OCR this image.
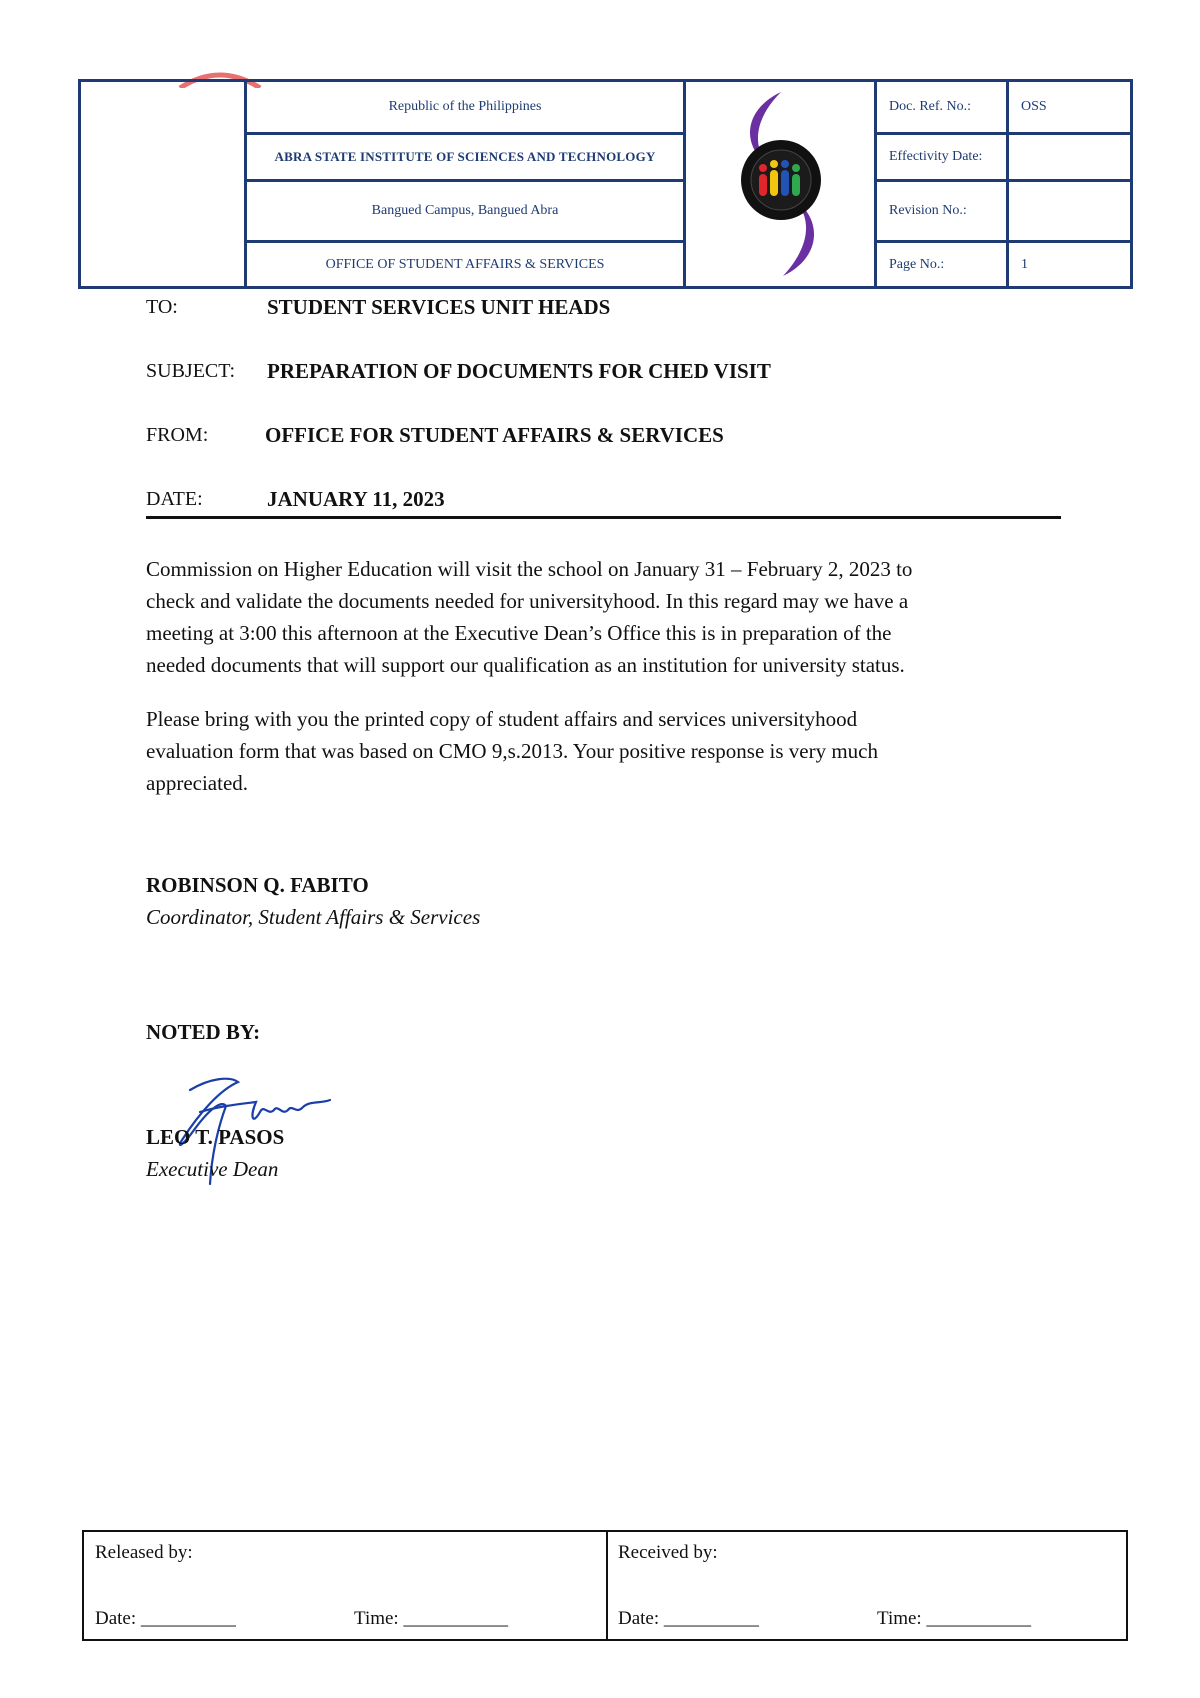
Republic of the Philippines
ABRA STATE INSTITUTE OF SCIENCES AND TECHNOLOGY
Bangued Campus, Bangued Abra
OFFICE OF STUDENT AFFAIRS & SERVICES
Doc. Ref. No.:	OSS
Effectivity Date:
Revision No.:
Page No.:	1
TO:	STUDENT SERVICES UNIT HEADS
SUBJECT: PREPARATION OF DOCUMENTS FOR CHED VISIT
FROM:	OFFICE FOR STUDENT AFFAIRS & SERVICES
DATE:	JANUARY 11, 2023
Commission on Higher Education will visit the school on January 31 – February 2, 2023 to
check and validate the documents needed for universityhood. In this regard may we have a
meeting at 3:00 this afternoon at the Executive Dean’s Office this is in preparation of the
needed documents that will support our qualification as an institution for university status.
Please bring with you the printed copy of student affairs and services universityhood
evaluation form that was based on CMO 9,s.2013. Your positive response is very much
appreciated.
ROBINSON Q. FABITO
Coordinator, Student Affairs & Services
NOTED BY:
LEO T. PASOS
Executive Dean
Released by:	Received by:
Date: __________	Time: ___________	Date: __________	Time: ___________
